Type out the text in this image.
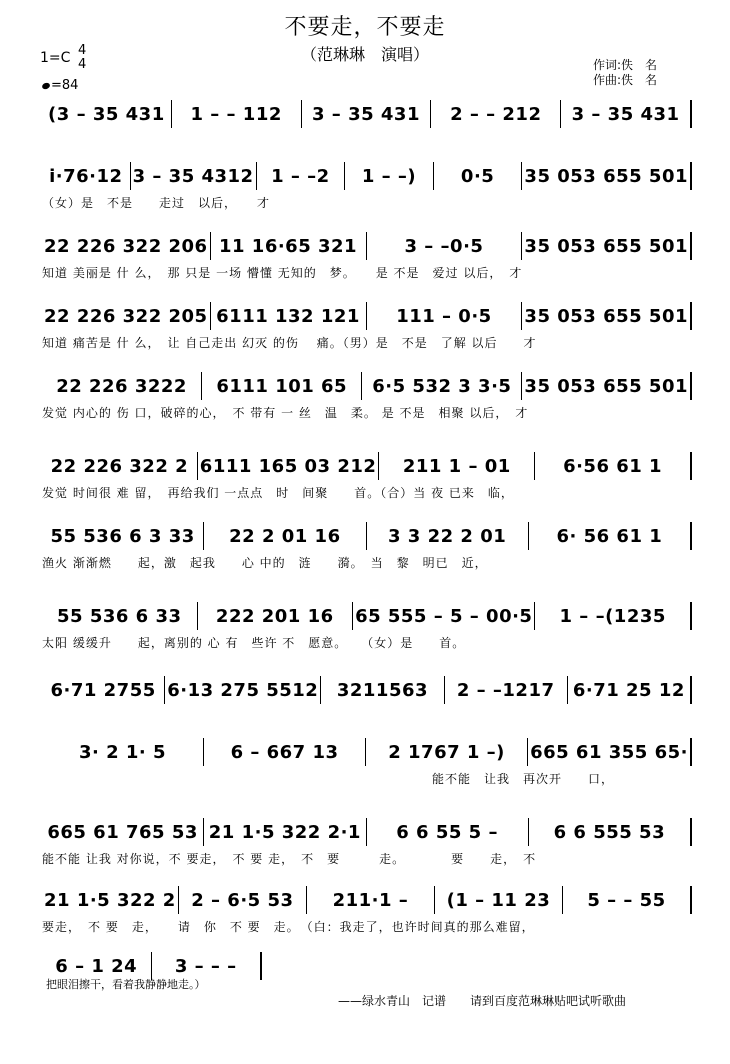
不要走，不要走
（范琳琳　演唱）
1=C 4
4
=84
作词:佚　名
作曲:佚　名
(3 – 35 431	1 – – 112	3 – 35 431	2 – – 212	3 – 35 431
i·76·12 3 – 35 4312 1 – –2	1 – –)	0·5	35 053 655 501
（女）是　不是　　走过　以后，　　才
22 226 322 206 11 16·65 321	3 – –0·5	35 053 655 501
知道 美丽是 什 么，　那 只是 一场 懵懂 无知的　梦。　　是 不是　爱过 以后，　才
22 226 322 205 6111 132 121	111 – 0·5	35 053 655 501
知道 痛苦是 什 么，　让 自己走出 幻灭 的伤　 痛。（男）是　不是　了解 以后　　才
22 226 3222	6111 101 65	6·5 532 3 3·5 35 053 655 501
发觉 内心的 伤 口，破碎的心，　不 带有 一 丝　温　柔。 是 不是　相聚 以后，　才
22 226 322 2 6111 165 03 212	211 1 – 01	6·56 61 1
发觉 时间很 难 留，　再给我们 一点点　时　间聚　　首。（合）当 夜 已来　临，
55 536 6 3 33	22 2 01 16	3 3 22 2 01	6· 56 61 1
渔火 渐渐燃　　起，激　起我　　心 中的　涟　　漪。　当　黎　明已　近，
55 536 6 33	222 201 16	65 555 – 5 – 00·5	1 – –(1235
太阳 缓缓升　　起，离别的 心 有　些许 不　愿意。　　（女）是　　首。
6·71 2755 6·13 275 5512	3211563	2 – –1217	6·71 25 12
3· 2 1· 5	6 – 667 13	2 1767 1 –)	665 61 355 65·
　　　　　　　　　　　　　　　　　　　　　　　　　　　　　　能不能　让我　再次开　　口，
665 61 765 53 21 1·5 322 2·1	6 6 55 5 –	6 6 555 53
能不能 让我 对你说，不 要走，　不 要 走，　不　要　　　走。　　　　要　　走，　不
21 1·5 322 2 2 – 6·5 53	211·1 –	(1 – 11 23	5 – – 55
要走，　不 要　走，　　请　你　不 要　走。　（白：我走了，也许时间真的那么难留，
6 – 1 24	3 – – –
把眼泪擦干，看着我静静地走。）
——绿水青山　记谱　　请到百度范琳琳贴吧试听歌曲
